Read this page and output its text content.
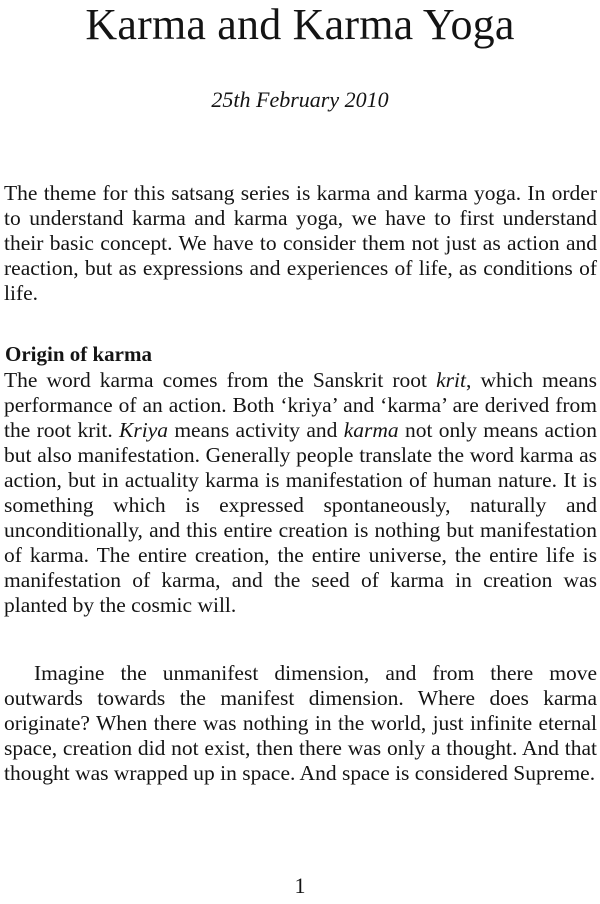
Karma and Karma Yoga

25th February 2010

The theme for this satsang series is karma and karma yoga. In order to understand karma and karma yoga, we have to first understand their basic concept. We have to consider them not just as action and reaction, but as expressions and experiences of life, as conditions of life.

Origin of karma

The word karma comes from the Sanskrit root krit, which means performance of an action. Both ‘kriya’ and ‘karma’ are derived from the root krit. Kriya means activity and karma not only means action but also manifestation. Generally people translate the word karma as action, but in actuality karma is manifestation of human nature. It is something which is expressed spontaneously, naturally and unconditionally, and this entire creation is nothing but manifestation of karma. The entire creation, the entire universe, the entire life is manifestation of karma, and the seed of karma in creation was planted by the cosmic will.

Imagine the unmanifest dimension, and from there move outwards towards the manifest dimension. Where does karma originate? When there was nothing in the world, just infinite eternal space, creation did not exist, then there was only a thought. And that thought was wrapped up in space. And space is considered Supreme.

1
